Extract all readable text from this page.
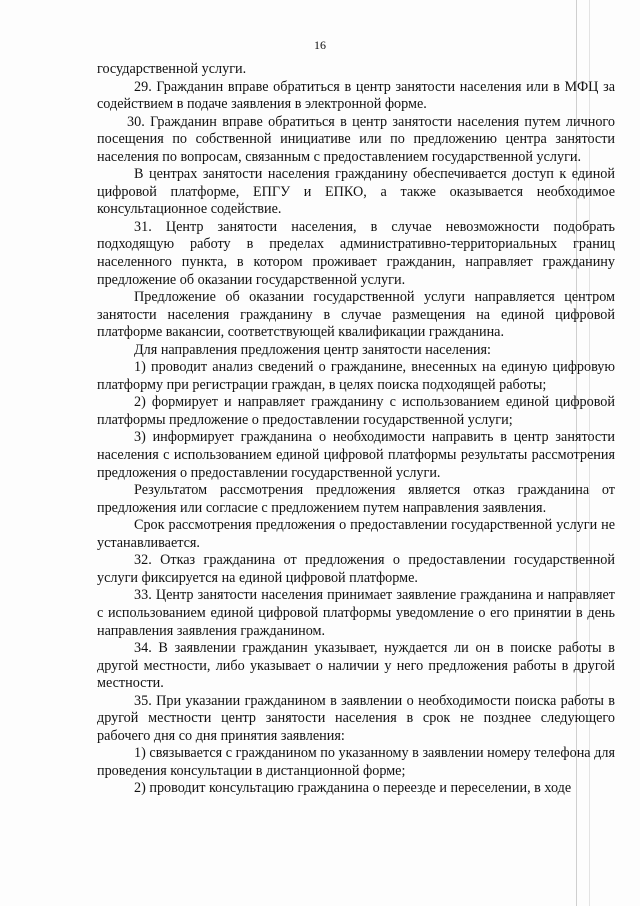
16

государственной услуги.

29. Гражданин вправе обратиться в центр занятости населения или в МФЦ за содействием в подаче заявления в электронной форме.

30. Гражданин вправе обратиться в центр занятости населения путем личного посещения по собственной инициативе или по предложению центра занятости населения по вопросам, связанным с предоставлением государственной услуги.

В центрах занятости населения гражданину обеспечивается доступ к единой цифровой платформе, ЕПГУ и ЕПКО, а также оказывается необходимое консультационное содействие.

31. Центр занятости населения, в случае невозможности подобрать подходящую работу в пределах административно-территориальных границ населенного пункта, в котором проживает гражданин, направляет гражданину предложение об оказании государственной услуги.

Предложение об оказании государственной услуги направляется центром занятости населения гражданину в случае размещения на единой цифровой платформе вакансии, соответствующей квалификации гражданина.

Для направления предложения центр занятости населения:

1) проводит анализ сведений о гражданине, внесенных на единую цифровую платформу при регистрации граждан, в целях поиска подходящей работы;

2) формирует и направляет гражданину с использованием единой цифровой платформы предложение о предоставлении государственной услуги;

3) информирует гражданина о необходимости направить в центр занятости населения с использованием единой цифровой платформы результаты рассмотрения предложения о предоставлении государственной услуги.

Результатом рассмотрения предложения является отказ гражданина от предложения или согласие с предложением путем направления заявления.

Срок рассмотрения предложения о предоставлении государственной услуги не устанавливается.

32. Отказ гражданина от предложения о предоставлении государственной услуги фиксируется на единой цифровой платформе.

33. Центр занятости населения принимает заявление гражданина и направляет с использованием единой цифровой платформы уведомление о его принятии в день направления заявления гражданином.

34. В заявлении гражданин указывает, нуждается ли он в поиске работы в другой местности, либо указывает о наличии у него предложения работы в другой местности.

35. При указании гражданином в заявлении о необходимости поиска работы в другой местности центр занятости населения в срок не позднее следующего рабочего дня со дня принятия заявления:

1) связывается с гражданином по указанному в заявлении номеру телефона для проведения консультации в дистанционной форме;

2) проводит консультацию гражданина о переезде и переселении, в ходе
